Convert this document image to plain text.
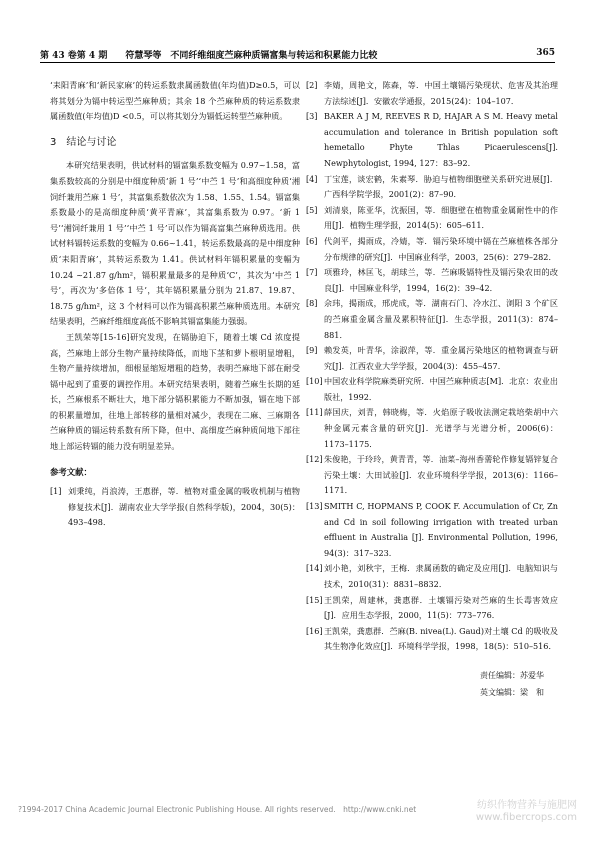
第 43 卷第 4 期　　符慧琴等　不同纤维细度苎麻种质镉富集与转运和积累能力比较	365

‘耒阳青麻’和‘新民家麻’的转运系数隶属函数值(年均值)D≥0.5，可以将其划分为镉中转运型苎麻种质；其余 18 个苎麻种质的转运系数隶属函数值(年均值)D <0.5，可以将其划分为镉低运转型苎麻种质。

3　结论与讨论

本研究结果表明，供试材料的镉富集系数变幅为 0.97~1.58，富集系数较高的分别是中细度种质‘新 1 号’‘中苎 1 号’和高细度种质‘湘饲纤兼用苎麻 1 号’，其富集系数依次为 1.58、1.55、1.54。镉富集系数最小的是高细度种质‘黄平青麻’，其富集系数为 0.97。‘新 1 号’‘湘饲纤兼用 1 号’‘中苎 1 号’可以作为镉高富集苎麻种质选用。供试材料镉转运系数的变幅为 0.66~1.41，转运系数最高的是中细度种质‘耒阳青麻’，其转运系数为 1.41。供试材料年镉积累量的变幅为 10.24 ~21.87 g/hm²，镉积累量最多的是种质‘C’，其次为‘中苎 1 号’，再次为‘多倍体 1 号’，其年镉积累量分别为 21.87、19.87、18.75 g/hm²，这 3 个材料可以作为镉高积累苎麻种质选用。本研究结果表明，苎麻纤维细度高低不影响其镉富集能力强弱。

王凯荣等[15-16]研究发现，在镉胁迫下，随着土壤 Cd 浓度提高，苎麻地上部分生物产量持续降低，而地下茎和萝卜根明显增粗，生物产量持续增加，细根显缩短增粗的趋势，表明苎麻地下部在耐受镉中起到了重要的调控作用。本研究结果表明，随着苎麻生长期的延长，苎麻根系不断壮大，地下部分镉积累能力不断加强，镉在地下部的积累量增加，往地上部转移的量相对减少，表现在二麻、三麻期各苎麻种质的镉运转系数有所下降，但中、高细度苎麻种质间地下部往地上部运转镉的能力没有明显差异。

参考文献：
[1] 刘秉纯，肖浪涛，王惠群，等．植物对重金属的吸收机制与植物修复技术[J]．湖南农业大学学报(自然科学版)，2004，30(5)：493–498．
[2] 李婧，周艳文，陈森，等．中国土壤镉污染现状、危害及其治理方法综述[J]．安徽农学通报，2015(24)：104–107．
[3] BAKER A J M, REEVES R D, HAJAR A S M. Heavy metal accumulation and tolerance in British population soft hemetallo Phyte Thlas Picaerulescens[J]. Newphytologist, 1994, 127：83–92.
[4] 丁宝莲，谈宏鹤，朱素琴．胁迫与植物细胞壁关系研究进展[J]．广西科学院学报，2001(2)：87–90．
[5] 刘清泉，陈亚华，沈振国，等．细胞壁在植物重金属耐性中的作用[J]．植物生理学报，2014(5)：605–611．
[6] 代剑平，揭雨成，冷婧，等．镉污染环境中镉在苎麻植株各部分分布规律的研究[J]．中国麻业科学，2003，25(6)：279–282．
[7] 项雅玲，林匡飞，胡球兰，等．苎麻吸镉特性及镉污染农田的改良[J]．中国麻业科学，1994，16(2)：39–42．
[8] 佘玮，揭雨成，邢虎成，等．湖南石门、冷水江、浏阳 3 个矿区的苎麻重金属含量及累积特征[J]．生态学报，2011(3)：874–881．
[9] 赖发英，叶青华，涂淑萍，等．重金属污染地区的植物调查与研究[J]．江西农业大学学报，2004(3)：455–457．
[10] 中国农业科学院麻类研究所．中国苎麻种质志[M]．北京：农业出版社，1992．
[11] 薛国庆，刘青，韩晓梅，等．火焰原子吸收法测定栽培柴胡中六种金属元素含量的研究[J]．光谱学与光谱分析，2006(6)：1173–1175．
[12] 朱俊艳，于玲玲，黄青青，等．油菜–海州香薷轮作修复镉锌复合污染土壤：大田试验[J]．农业环境科学学报，2013(6)：1166–1171．
[13] SMITH C, HOPMANS P, COOK F. Accumulation of Cr, Zn and Cd in soil following irrigation with treated urban effluent in Australia [J]. Environmental Pollution, 1996, 94(3)：317–323.
[14] 刘小艳，刘秋宇，王梅．隶属函数的确定及应用[J]．电脑知识与技术，2010(31)：8831–8832．
[15] 王凯荣，周建林，龚惠群．土壤镉污染对苎麻的生长毒害效应[J]．应用生态学报，2000，11(5)：773–776．
[16] 王凯荣，龚惠群．苎麻(B. nivea(L). Gaud)对土壤 Cd 的吸收及其生物净化效应[J]．环境科学学报，1998，18(5)：510–516．
责任编辑：苏爱华
英文编辑：梁　和
?1994-2017 China Academic Journal Electronic Publishing House. All rights reserved.　http://www.cnki.net	纺织作物营养与施肥网
www.fibercrops.com
